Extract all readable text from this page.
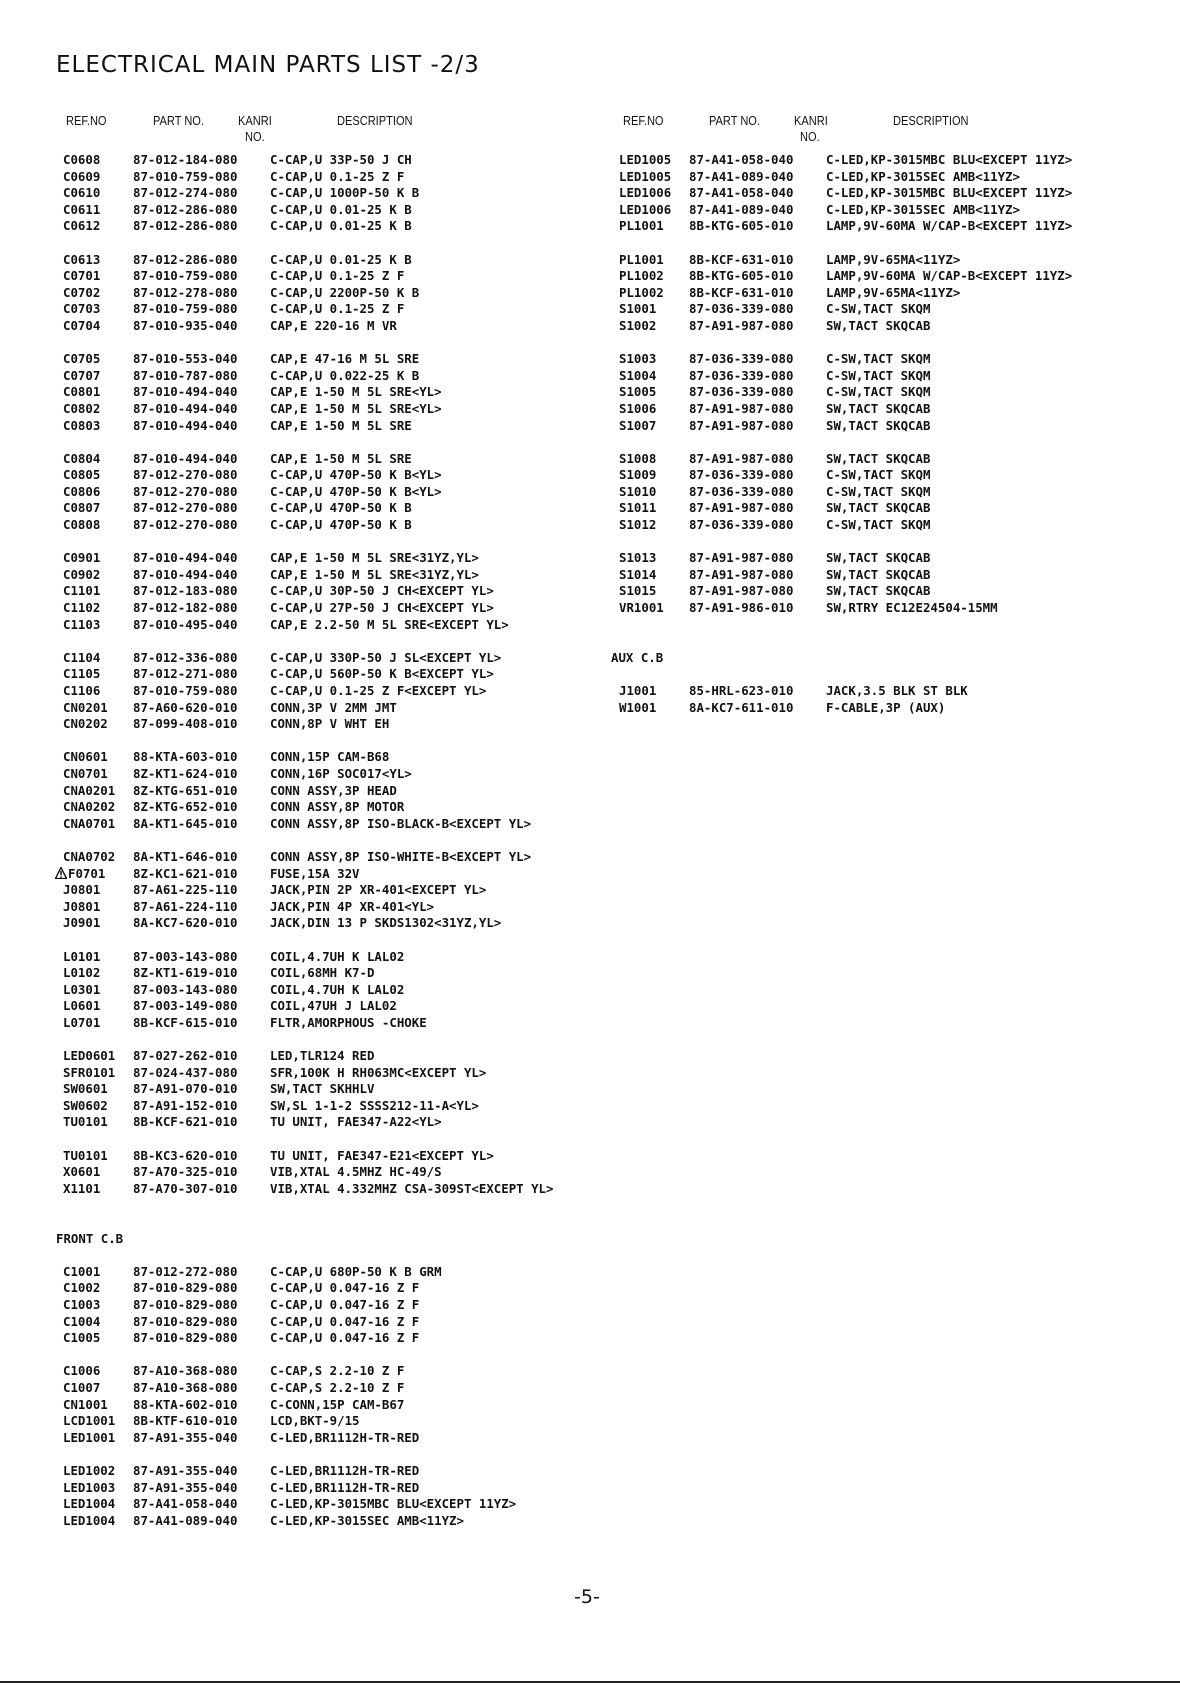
ELECTRICAL MAIN PARTS LIST -2/3
REF.NO	PART NO.	KANRI
NO.
DESCRIPTION	REF.NO	PART NO.	KANRI
NO.
DESCRIPTION
C0608	87-012-184-080	C-CAP,U 33P-50 J CH
C0609	87-010-759-080	C-CAP,U 0.1-25 Z F
C0610	87-012-274-080	C-CAP,U 1000P-50 K B
C0611	87-012-286-080	C-CAP,U 0.01-25 K B
C0612	87-012-286-080	C-CAP,U 0.01-25 K B
C0613	87-012-286-080	C-CAP,U 0.01-25 K B
C0701	87-010-759-080	C-CAP,U 0.1-25 Z F
C0702	87-012-278-080	C-CAP,U 2200P-50 K B
C0703	87-010-759-080	C-CAP,U 0.1-25 Z F
C0704	87-010-935-040	CAP,E 220-16 M VR
C0705	87-010-553-040	CAP,E 47-16 M 5L SRE
C0707	87-010-787-080	C-CAP,U 0.022-25 K B
C0801	87-010-494-040	CAP,E 1-50 M 5L SRE<YL>
C0802	87-010-494-040	CAP,E 1-50 M 5L SRE<YL>
C0803	87-010-494-040	CAP,E 1-50 M 5L SRE
C0804	87-010-494-040	CAP,E 1-50 M 5L SRE
C0805	87-012-270-080	C-CAP,U 470P-50 K B<YL>
C0806	87-012-270-080	C-CAP,U 470P-50 K B<YL>
C0807	87-012-270-080	C-CAP,U 470P-50 K B
C0808	87-012-270-080	C-CAP,U 470P-50 K B
C0901	87-010-494-040	CAP,E 1-50 M 5L SRE<31YZ,YL>
C0902	87-010-494-040	CAP,E 1-50 M 5L SRE<31YZ,YL>
C1101	87-012-183-080	C-CAP,U 30P-50 J CH<EXCEPT YL>
C1102	87-012-182-080	C-CAP,U 27P-50 J CH<EXCEPT YL>
C1103	87-010-495-040	CAP,E 2.2-50 M 5L SRE<EXCEPT YL>
C1104	87-012-336-080	C-CAP,U 330P-50 J SL<EXCEPT YL>
C1105	87-012-271-080	C-CAP,U 560P-50 K B<EXCEPT YL>
C1106	87-010-759-080	C-CAP,U 0.1-25 Z F<EXCEPT YL>
CN0201	87-A60-620-010	CONN,3P V 2MM JMT
CN0202	87-099-408-010	CONN,8P V WHT EH
CN0601	88-KTA-603-010	CONN,15P CAM-B68
CN0701	8Z-KT1-624-010	CONN,16P SOC017<YL>
CNA0201	8Z-KTG-651-010	CONN ASSY,3P HEAD
CNA0202	8Z-KTG-652-010	CONN ASSY,8P MOTOR
CNA0701	8A-KT1-645-010	CONN ASSY,8P ISO-BLACK-B<EXCEPT YL>
CNA0702	8A-KT1-646-010	CONN ASSY,8P ISO-WHITE-B<EXCEPT YL>
F0701	8Z-KC1-621-010	FUSE,15A 32V
J0801	87-A61-225-110	JACK,PIN 2P XR-401<EXCEPT YL>
J0801	87-A61-224-110	JACK,PIN 4P XR-401<YL>
J0901	8A-KC7-620-010	JACK,DIN 13 P SKDS1302<31YZ,YL>
L0101	87-003-143-080	COIL,4.7UH K LAL02
L0102	8Z-KT1-619-010	COIL,68MH K7-D
L0301	87-003-143-080	COIL,4.7UH K LAL02
L0601	87-003-149-080	COIL,47UH J LAL02
L0701	8B-KCF-615-010	FLTR,AMORPHOUS -CHOKE
LED0601	87-027-262-010	LED,TLR124 RED
SFR0101	87-024-437-080	SFR,100K H RH063MC<EXCEPT YL>
SW0601	87-A91-070-010	SW,TACT SKHHLV
SW0602	87-A91-152-010	SW,SL 1-1-2 SSSS212-11-A<YL>
TU0101	8B-KCF-621-010	TU UNIT, FAE347-A22<YL>
TU0101	8B-KC3-620-010	TU UNIT, FAE347-E21<EXCEPT YL>
X0601	87-A70-325-010	VIB,XTAL 4.5MHZ HC-49/S
X1101	87-A70-307-010	VIB,XTAL 4.332MHZ CSA-309ST<EXCEPT YL>
FRONT C.B
C1001	87-012-272-080	C-CAP,U 680P-50 K B GRM
C1002	87-010-829-080	C-CAP,U 0.047-16 Z F
C1003	87-010-829-080	C-CAP,U 0.047-16 Z F
C1004	87-010-829-080	C-CAP,U 0.047-16 Z F
C1005	87-010-829-080	C-CAP,U 0.047-16 Z F
C1006	87-A10-368-080	C-CAP,S 2.2-10 Z F
C1007	87-A10-368-080	C-CAP,S 2.2-10 Z F
CN1001	88-KTA-602-010	C-CONN,15P CAM-B67
LCD1001	8B-KTF-610-010	LCD,BKT-9/15
LED1001	87-A91-355-040	C-LED,BR1112H-TR-RED
LED1002	87-A91-355-040	C-LED,BR1112H-TR-RED
LED1003	87-A91-355-040	C-LED,BR1112H-TR-RED
LED1004	87-A41-058-040	C-LED,KP-3015MBC BLU<EXCEPT 11YZ>
LED1004	87-A41-089-040	C-LED,KP-3015SEC AMB<11YZ>
LED1005	87-A41-058-040	C-LED,KP-3015MBC BLU<EXCEPT 11YZ>
LED1005	87-A41-089-040	C-LED,KP-3015SEC AMB<11YZ>
LED1006	87-A41-058-040	C-LED,KP-3015MBC BLU<EXCEPT 11YZ>
LED1006	87-A41-089-040	C-LED,KP-3015SEC AMB<11YZ>
PL1001	8B-KTG-605-010	LAMP,9V-60MA W/CAP-B<EXCEPT 11YZ>
PL1001	8B-KCF-631-010	LAMP,9V-65MA<11YZ>
PL1002	8B-KTG-605-010	LAMP,9V-60MA W/CAP-B<EXCEPT 11YZ>
PL1002	8B-KCF-631-010	LAMP,9V-65MA<11YZ>
S1001	87-036-339-080	C-SW,TACT SKQM
S1002	87-A91-987-080	SW,TACT SKQCAB
S1003	87-036-339-080	C-SW,TACT SKQM
S1004	87-036-339-080	C-SW,TACT SKQM
S1005	87-036-339-080	C-SW,TACT SKQM
S1006	87-A91-987-080	SW,TACT SKQCAB
S1007	87-A91-987-080	SW,TACT SKQCAB
S1008	87-A91-987-080	SW,TACT SKQCAB
S1009	87-036-339-080	C-SW,TACT SKQM
S1010	87-036-339-080	C-SW,TACT SKQM
S1011	87-A91-987-080	SW,TACT SKQCAB
S1012	87-036-339-080	C-SW,TACT SKQM
S1013	87-A91-987-080	SW,TACT SKQCAB
S1014	87-A91-987-080	SW,TACT SKQCAB
S1015	87-A91-987-080	SW,TACT SKQCAB
VR1001	87-A91-986-010	SW,RTRY EC12E24504-15MM
AUX C.B
J1001	85-HRL-623-010	JACK,3.5 BLK ST BLK
W1001	8A-KC7-611-010	F-CABLE,3P (AUX)
-5-
